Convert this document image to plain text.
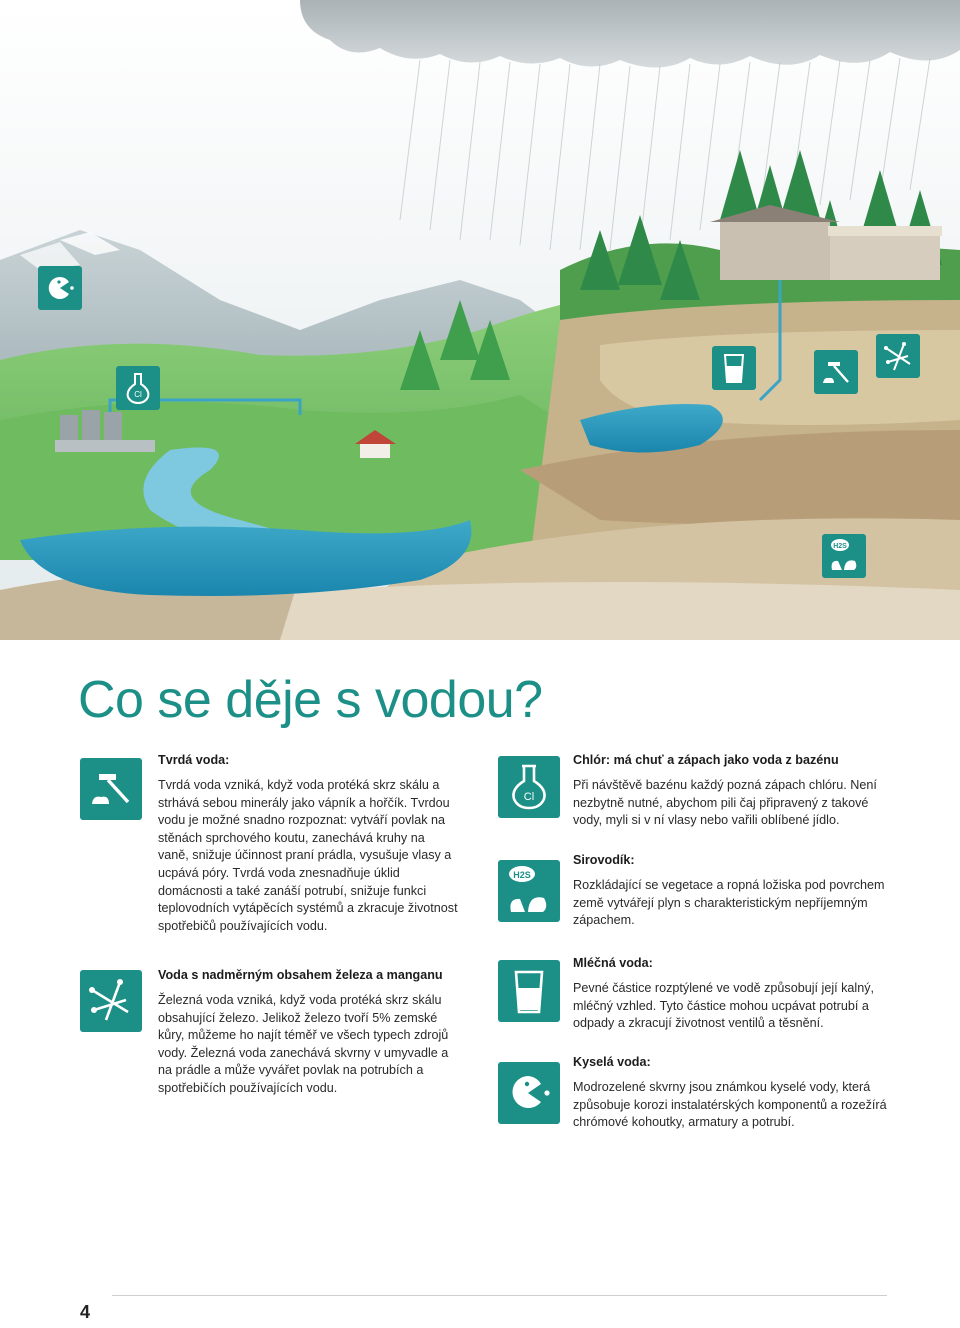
Cl
H2S
Co se děje s vodou?
Tvrdá voda:

Tvrdá voda vzniká, když voda protéká skrz skálu a strhává sebou minerály jako vápník a hořčík. Tvrdou vodu je možné snadno rozpoznat: vytváří povlak na stěnách sprchového koutu, zanechává kruhy na vaně, snižuje účinnost praní prádla, vysušuje vlasy a ucpává póry. Tvrdá voda znesnadňuje úklid domácnosti a také zanáší potrubí, snižuje funkci teplovodních vytápěcích systémů a zkracuje životnost spotřebičů používajících vodu.

Voda s nadměrným obsahem železa a manganu

Železná voda vzniká, když voda protéká skrz skálu obsahující železo. Jelikož železo tvoří 5% zemské kůry, můžeme ho najít téměř ve všech typech zdrojů vody. Železná voda zanechává skvrny v umyvadle a na prádle a může vyvářet povlak na potrubích a spotřebičích používajících vodu.

Cl
Chlór: má chuť a zápach jako voda z bazénu

Při návštěvě bazénu každý pozná zápach chlóru. Není nezbytně nutné, abychom pili čaj připravený z takové vody, myli si v ní vlasy nebo vařili oblíbené jídlo.

H2S
Sirovodík:

Rozkládající se vegetace a ropná ložiska pod povrchem země vytvářejí plyn s charakteristickým nepříjemným zápachem.

Mléčná voda:

Pevné částice rozptýlené ve vodě způsobují její kalný, mléčný vzhled. Tyto částice mohou ucpávat potrubí a odpady a zkracují životnost ventilů a těsnění.

Kyselá voda:

Modrozelené skvrny jsou známkou kyselé vody, která způsobuje korozi instalatérských komponentů a rozežírá chrómové kohoutky, armatury a potrubí.

4
